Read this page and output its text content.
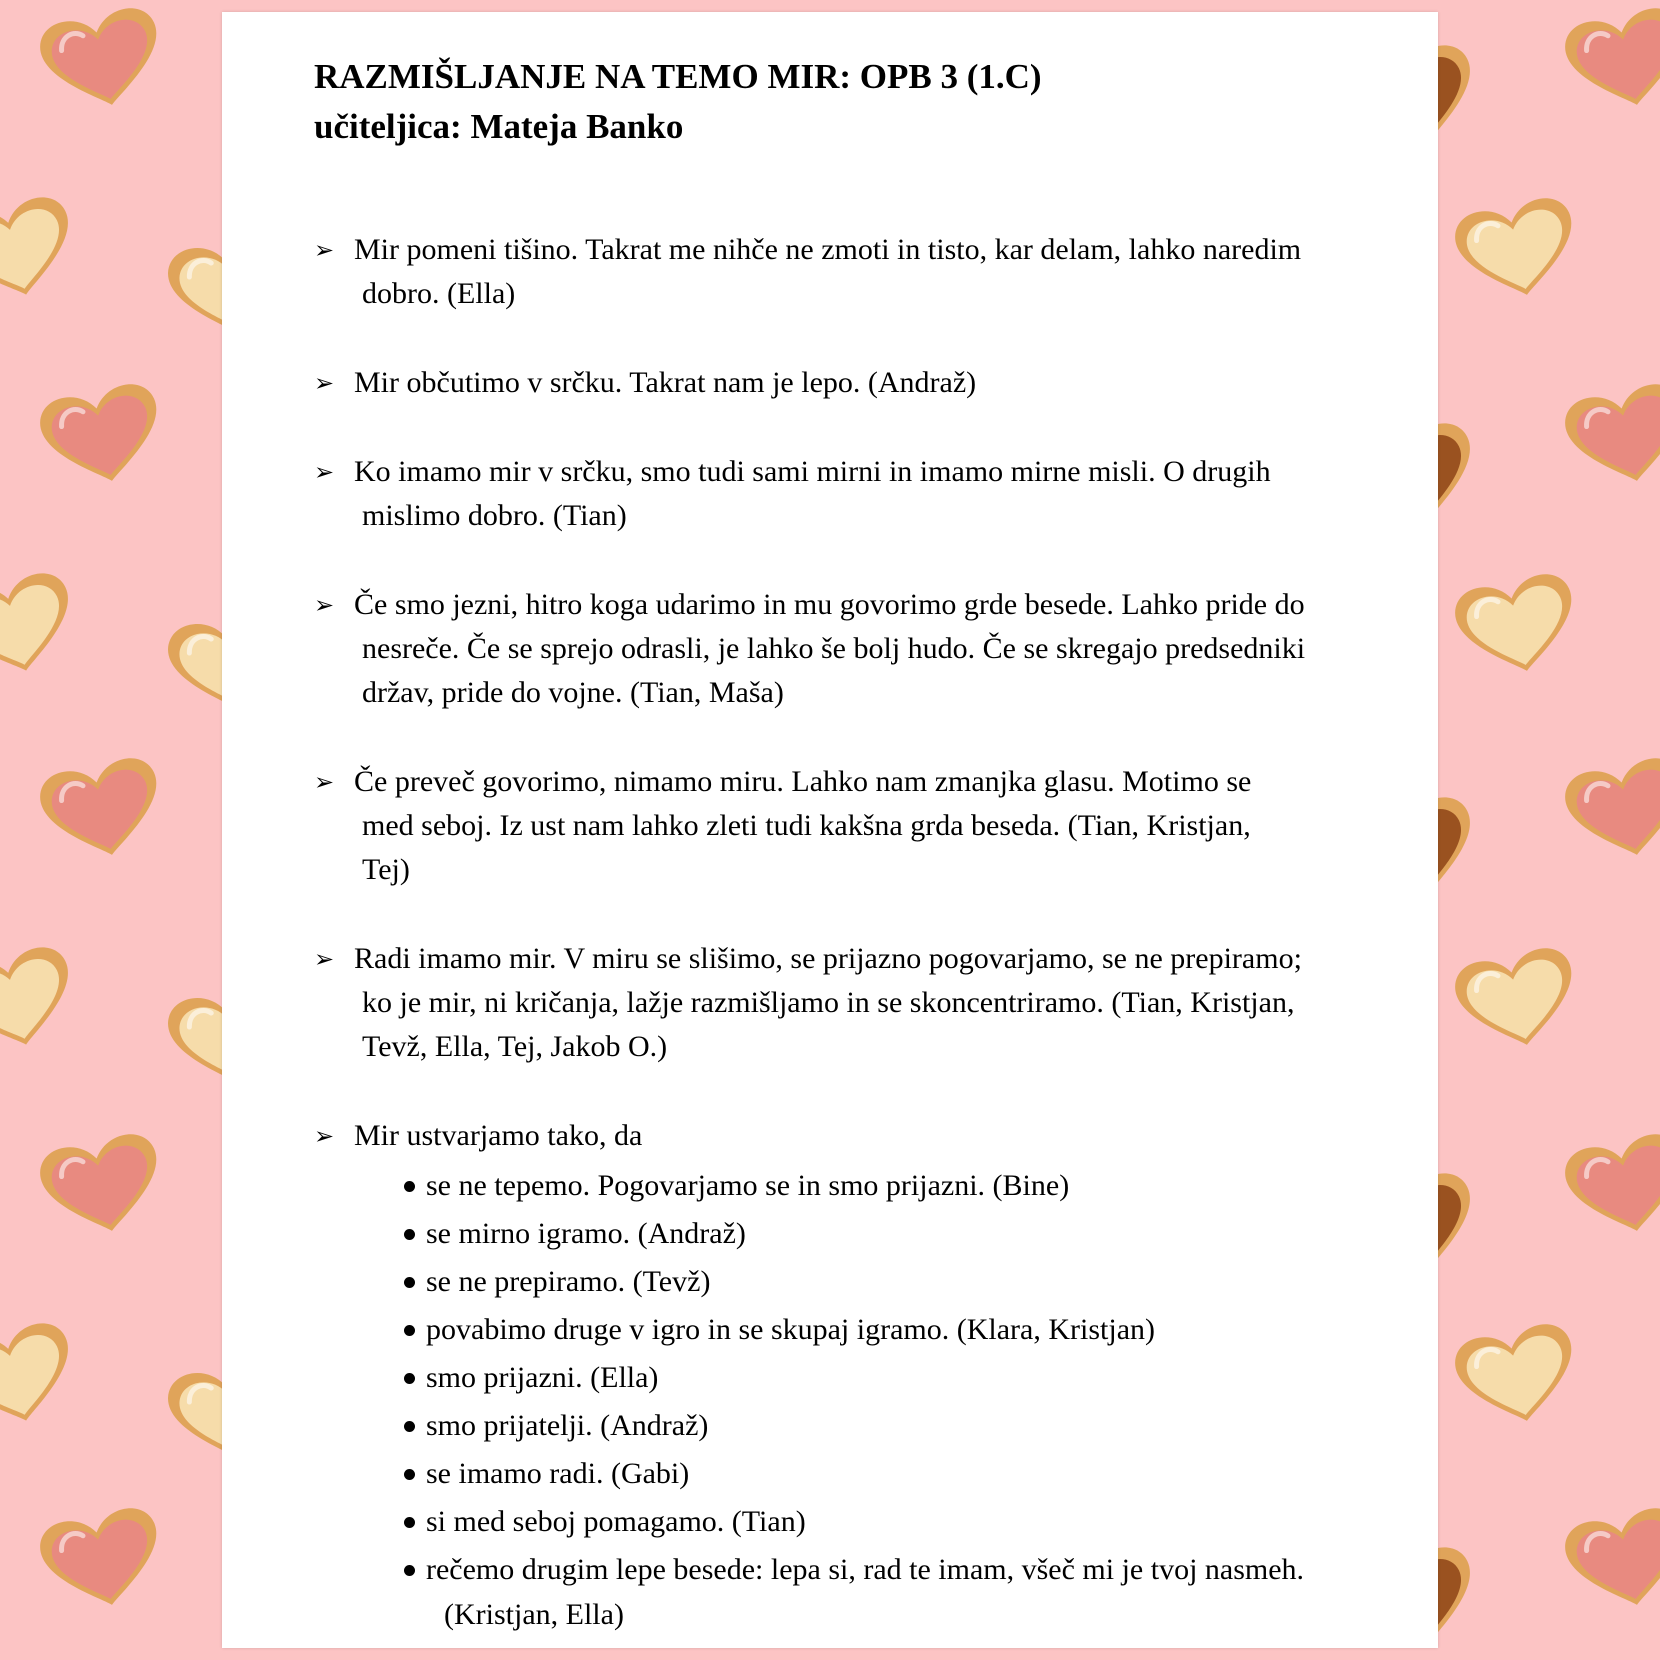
RAZMIŠLJANJE NA TEMO MIR: OPB 3 (1.C)
učiteljica: Mateja Banko
➢ Mir pomeni tišino. Takrat me nihče ne zmoti in tisto, kar delam, lahko naredim
dobro. (Ella)
➢ Mir občutimo v srčku. Takrat nam je lepo. (Andraž)
➢ Ko imamo mir v srčku, smo tudi sami mirni in imamo mirne misli. O drugih
mislimo dobro. (Tian)
➢ Če smo jezni, hitro koga udarimo in mu govorimo grde besede. Lahko pride do
nesreče. Če se sprejo odrasli, je lahko še bolj hudo. Če se skregajo predsedniki
držav, pride do vojne. (Tian, Maša)
➢ Če preveč govorimo, nimamo miru. Lahko nam zmanjka glasu. Motimo se
med seboj. Iz ust nam lahko zleti tudi kakšna grda beseda. (Tian, Kristjan,
Tej)
➢ Radi imamo mir. V miru se slišimo, se prijazno pogovarjamo, se ne prepiramo;
ko je mir, ni kričanja, lažje razmišljamo in se skoncentriramo. (Tian, Kristjan,
Tevž, Ella, Tej, Jakob O.)
➢ Mir ustvarjamo tako, da
se ne tepemo. Pogovarjamo se in smo prijazni. (Bine)
se mirno igramo. (Andraž)
se ne prepiramo. (Tevž)
povabimo druge v igro in se skupaj igramo. (Klara, Kristjan)
smo prijazni. (Ella)
smo prijatelji. (Andraž)
se imamo radi. (Gabi)
si med seboj pomagamo. (Tian)
rečemo drugim lepe besede: lepa si, rad te imam, všeč mi je tvoj nasmeh.
(Kristjan, Ella)
